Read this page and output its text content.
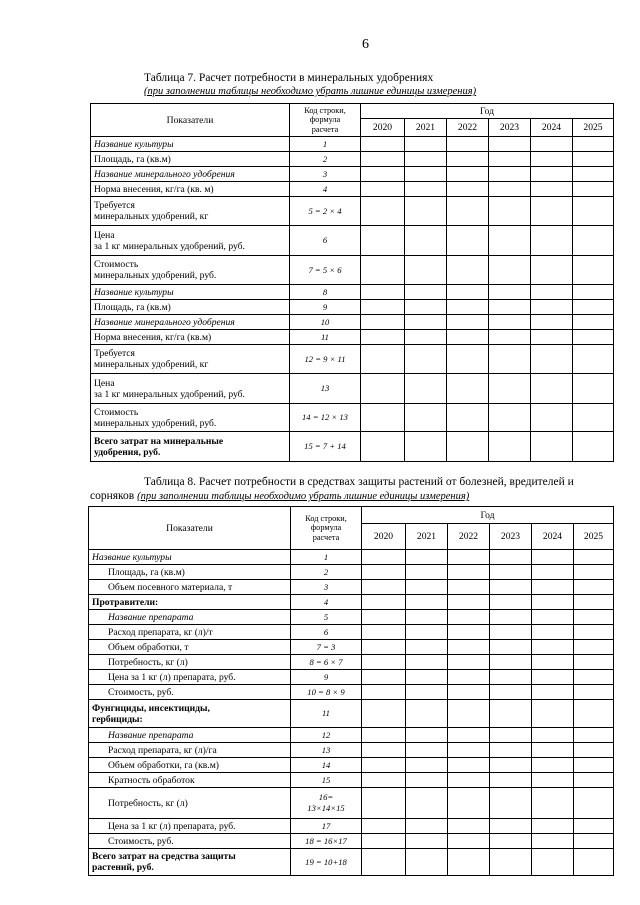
6
Таблица 7. Расчет потребности в минеральных удобрениях
(при заполнении таблицы необходимо убрать лишние единицы измерения)
Показатели	Код строки,
формула
расчета	Год					
		2020	2021	2022	2023	2024	2025
Название культуры	1						
Площадь, га (кв.м)	2						
Название минерального удобрения	3						
Норма внесения, кг/га (кв. м)	4						
Требуется
минеральных удобрений, кг	5 = 2 × 4						
Цена
за 1 кг минеральных удобрений, руб.	6						
Стоимость
минеральных удобрений, руб.	7 = 5 × 6						
Название культуры	8						
Площадь, га (кв.м)	9						
Название минерального удобрения	10						
Норма внесения, кг/га (кв.м)	11						
Требуется
минеральных удобрений, кг	12 = 9 × 11						
Цена
за 1 кг минеральных удобрений, руб.	13						
Стоимость
минеральных удобрений, руб.	14 = 12 × 13						
Всего затрат на минеральные
удобрения, руб.	15 = 7 + 14						
Таблица 8. Расчет потребности в средствах защиты растений от болезней, вредителей и
сорняков (при заполнении таблицы необходимо убрать лишние единицы измерения)
Показатели	Код строки,
формула
расчета	Год					
		2020	2021	2022	2023	2024	2025
Название культуры	1						
Площадь, га (кв.м)	2						
Объем посевного материала, т	3						
Протравители:	4						
Название препарата	5						
Расход препарата, кг (л)/т	6						
Объем обработки, т	7 = 3						
Потребность, кг (л)	8 = 6 × 7						
Цена за 1 кг (л) препарата, руб.	9						
Стоимость, руб.	10 = 8 × 9						
Фунгициды, инсектициды,
гербициды:	11						
Название препарата	12						
Расход препарата, кг (л)/га	13						
Объем обработки, га (кв.м)	14						
Кратность обработок	15						
Потребность, кг (л)	16=
13×14×15						
Цена за 1 кг (л) препарата, руб.	17						
Стоимость, руб.	18 = 16×17						
Всего затрат на средства защиты
растений, руб.	19 = 10+18						
